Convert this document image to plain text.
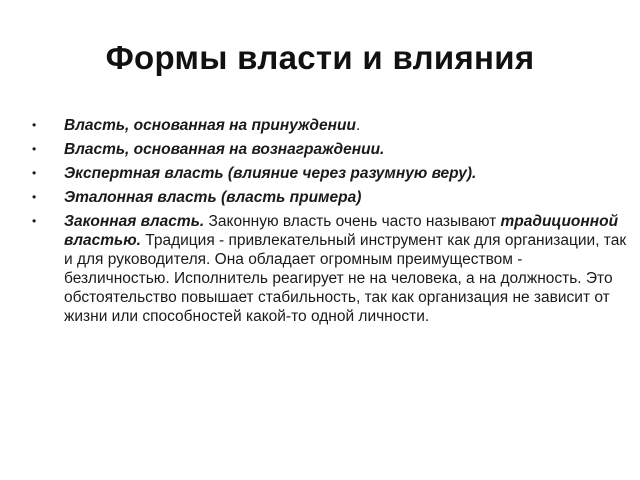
Формы власти и влияния
• Власть, основанная на принуждении.
• Власть, основанная на вознаграждении.
• Экспертная власть (влияние через разумную веру).
• Эталонная власть (власть примера)
• Законная власть. Законную власть очень часто называют традиционной властью. Традиция - привлекательный инструмент как для организации, так и для руководителя. Она обладает огромным преимуществом - безличностью. Исполнитель реагирует не на человека, а на должность. Это обстоятельство повышает стабильность, так как организация не зависит от жизни или способностей какой-то одной личности.
